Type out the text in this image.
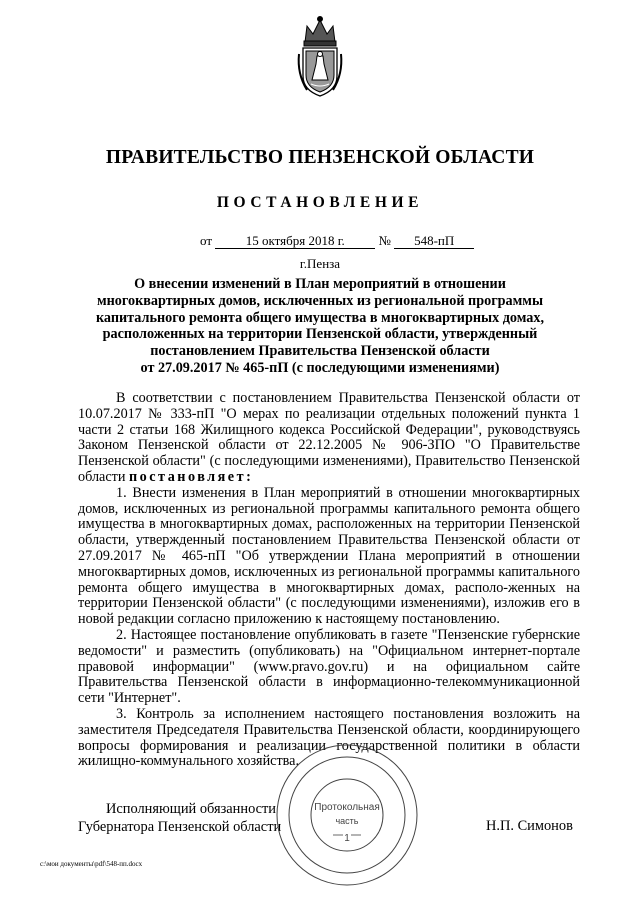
ПРАВИТЕЛЬСТВО ПЕНЗЕНСКОЙ ОБЛАСТИ
ПОСТАНОВЛЕНИЕ
от	15 октября 2018 г.	№ 548-пП
г.Пенза
О внесении изменений в План мероприятий в отношении
многоквартирных домов, исключенных из региональной программы
капитального ремонта общего имущества в многоквартирных домах,
расположенных на территории Пензенской области, утвержденный
постановлением Правительства Пензенской области
от 27.09.2017 № 465-пП (с последующими изменениями)

В соответствии с постановлением Правительства Пензенской области от 10.07.2017 № 333-пП "О мерах по реализации отдельных положений пункта 1 части 2 статьи 168 Жилищного кодекса Российской Федерации", руководствуясь Законом Пензенской области от 22.12.2005 № 906-ЗПО "О Правительстве Пензенской области" (с последующими изменениями), Правительство Пензенской области постановляет:

1. Внести изменения в План мероприятий в отношении многоквартирных домов, исключенных из региональной программы капитального ремонта общего имущества в многоквартирных домах, расположенных на территории Пензенской области, утвержденный постановлением Правительства Пензенской области от 27.09.2017 № 465-пП "Об утверждении Плана мероприятий в отношении многоквартирных домов, исключенных из региональной программы капитального ремонта общего имущества в многоквартирных домах, располо-женных на территории Пензенской области" (с последующими изменениями), изложив его в новой редакции согласно приложению к настоящему постановлению.

2. Настоящее постановление опубликовать в газете "Пензенские губернские ведомости" и разместить (опубликовать) на "Официальном интернет-портале правовой информации" (www.pravo.gov.ru) и на официальном сайте Правительства Пензенской области в информационно-телекоммуникационной сети "Интернет".

3. Контроль за исполнением настоящего постановления возложить на заместителя Председателя Правительства Пензенской области, координирующего вопросы формирования и реализации государственной политики в области жилищно-коммунального хозяйства.

Исполняющий обязанности
Губернатора Пензенской области	Н.П. Симонов
Протокольная
часть
1
c:\мои документы\pdf\548-пп.docx
